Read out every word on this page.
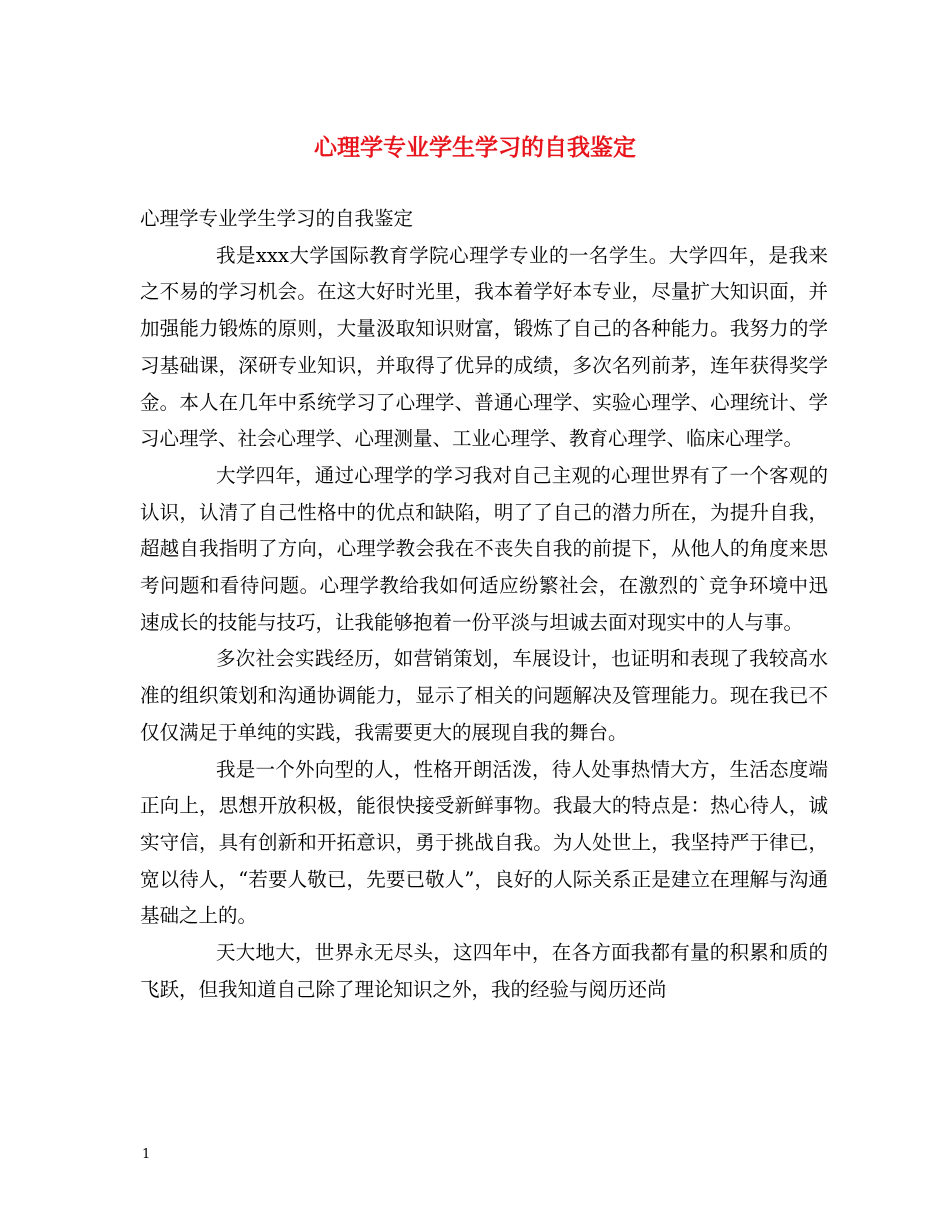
心理学专业学生学习的自我鉴定

心理学专业学生学习的自我鉴定

我是xxx大学国际教育学院心理学专业的一名学生。大学四年，是我来之不易的学习机会。在这大好时光里，我本着学好本专业，尽量扩大知识面，并加强能力锻炼的原则，大量汲取知识财富，锻炼了自己的各种能力。我努力的学习基础课，深研专业知识，并取得了优异的成绩，多次名列前茅，连年获得奖学金。本人在几年中系统学习了心理学、普通心理学、实验心理学、心理统计、学习心理学、社会心理学、心理测量、工业心理学、教育心理学、临床心理学。

大学四年，通过心理学的学习我对自己主观的心理世界有了一个客观的认识，认清了自己性格中的优点和缺陷，明了了自己的潜力所在，为提升自我，超越自我指明了方向，心理学教会我在不丧失自我的前提下，从他人的角度来思考问题和看待问题。心理学教给我如何适应纷繁社会，在激烈的`竞争环境中迅速成长的技能与技巧，让我能够抱着一份平淡与坦诚去面对现实中的人与事。

多次社会实践经历，如营销策划，车展设计，也证明和表现了我较高水准的组织策划和沟通协调能力，显示了相关的问题解决及管理能力。现在我已不仅仅满足于单纯的实践，我需要更大的展现自我的舞台。

我是一个外向型的人，性格开朗活泼，待人处事热情大方，生活态度端正向上，思想开放积极，能很快接受新鲜事物。我最大的特点是：热心待人，诚实守信，具有创新和开拓意识，勇于挑战自我。为人处世上，我坚持严于律已，宽以待人，“若要人敬已，先要已敬人”，良好的人际关系正是建立在理解与沟通基础之上的。

天大地大，世界永无尽头，这四年中，在各方面我都有量的积累和质的飞跃，但我知道自己除了理论知识之外，我的经验与阅历还尚

1
